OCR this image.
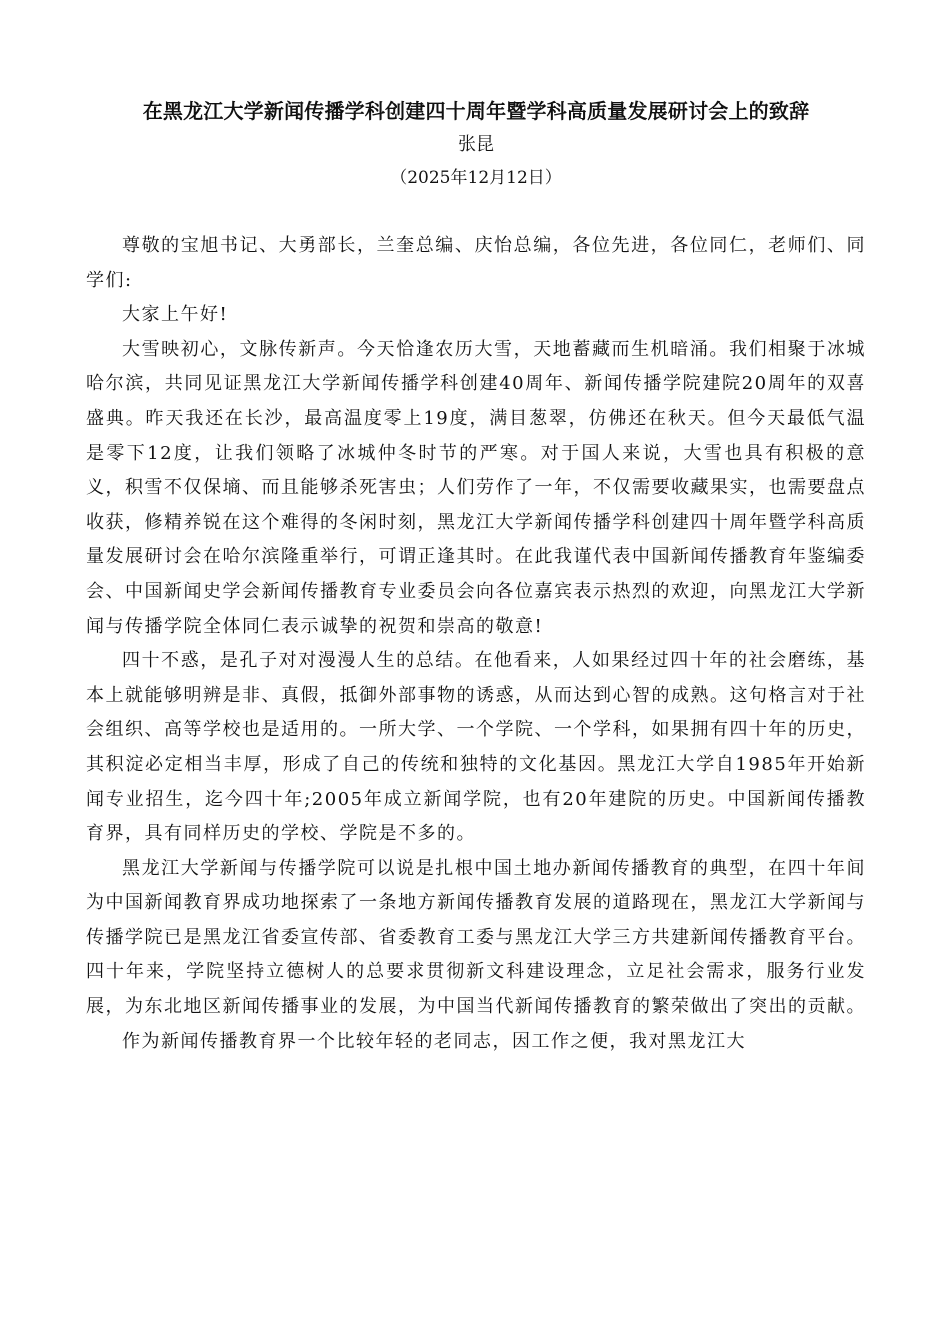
在黑龙江大学新闻传播学科创建四十周年暨学科高质量发展研讨会上的致辞
张昆
（2025年12月12日）

尊敬的宝旭书记、大勇部长，兰奎总编、庆怡总编，各位先进，各位同仁，老师们、同学们:

大家上午好!

大雪映初心，文脉传新声。今天恰逢农历大雪，天地蓄藏而生机暗涌。我们相聚于冰城哈尔滨，共同见证黑龙江大学新闻传播学科创建40周年、新闻传播学院建院20周年的双喜盛典。昨天我还在长沙，最高温度零上19度，满目葱翠，仿佛还在秋天。但今天最低气温是零下12度，让我们领略了冰城仲冬时节的严寒。对于国人来说，大雪也具有积极的意义，积雪不仅保墒、而且能够杀死害虫；人们劳作了一年，不仅需要收藏果实，也需要盘点收获，修精养锐在这个难得的冬闲时刻，黑龙江大学新闻传播学科创建四十周年暨学科高质量发展研讨会在哈尔滨隆重举行，可谓正逢其时。在此我谨代表中国新闻传播教育年鉴编委会、中国新闻史学会新闻传播教育专业委员会向各位嘉宾表示热烈的欢迎，向黑龙江大学新闻与传播学院全体同仁表示诚挚的祝贺和崇高的敬意!

四十不惑，是孔子对对漫漫人生的总结。在他看来，人如果经过四十年的社会磨练，基本上就能够明辨是非、真假，抵御外部事物的诱惑，从而达到心智的成熟。这句格言对于社会组织、高等学校也是适用的。一所大学、一个学院、一个学科，如果拥有四十年的历史，其积淀必定相当丰厚，形成了自己的传统和独特的文化基因。黑龙江大学自1985年开始新闻专业招生，迄今四十年;2005年成立新闻学院，也有20年建院的历史。中国新闻传播教育界，具有同样历史的学校、学院是不多的。

黑龙江大学新闻与传播学院可以说是扎根中国土地办新闻传播教育的典型，在四十年间为中国新闻教育界成功地探索了一条地方新闻传播教育发展的道路现在，黑龙江大学新闻与传播学院已是黑龙江省委宣传部、省委教育工委与黑龙江大学三方共建新闻传播教育平台。四十年来，学院坚持立德树人的总要求贯彻新文科建设理念，立足社会需求，服务行业发展，为东北地区新闻传播事业的发展，为中国当代新闻传播教育的繁荣做出了突出的贡献。

作为新闻传播教育界一个比较年轻的老同志，因工作之便，我对黑龙江大
